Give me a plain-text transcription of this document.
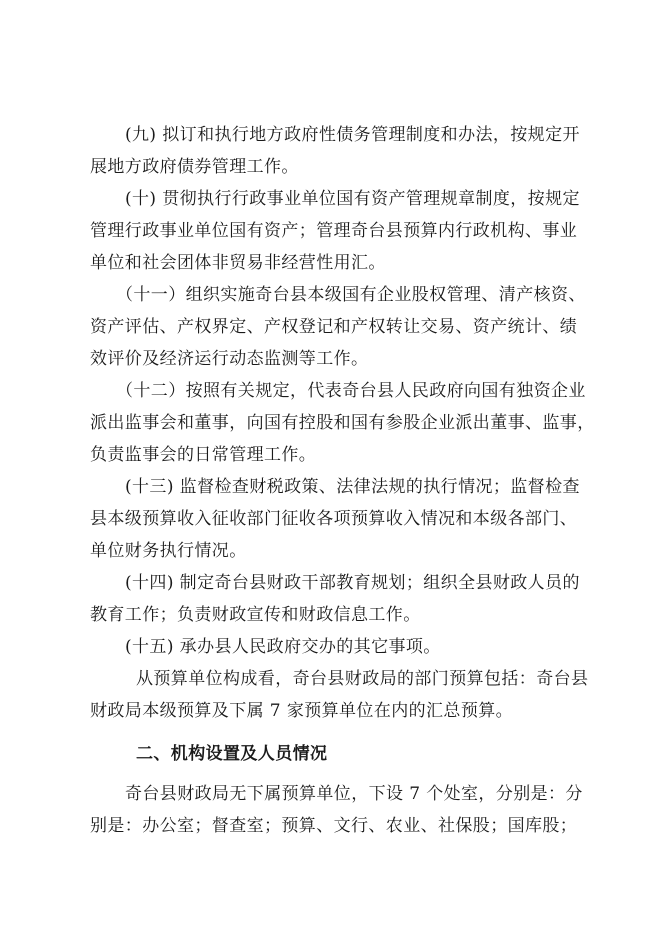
(九) 拟订和执行地方政府性债务管理制度和办法，按规定开
展地方政府债券管理工作。
(十) 贯彻执行行政事业单位国有资产管理规章制度，按规定
管理行政事业单位国有资产；管理奇台县预算内行政机构、事业
单位和社会团体非贸易非经营性用汇。
（十一）组织实施奇台县本级国有企业股权管理、清产核资、
资产评估、产权界定、产权登记和产权转让交易、资产统计、绩
效评价及经济运行动态监测等工作。
（十二）按照有关规定，代表奇台县人民政府向国有独资企业
派出监事会和董事，向国有控股和国有参股企业派出董事、监事，
负责监事会的日常管理工作。
(十三) 监督检查财税政策、法律法规的执行情况；监督检查
县本级预算收入征收部门征收各项预算收入情况和本级各部门、
单位财务执行情况。
(十四) 制定奇台县财政干部教育规划；组织全县财政人员的
教育工作；负责财政宣传和财政信息工作。
(十五) 承办县人民政府交办的其它事项。
从预算单位构成看，奇台县财政局的部门预算包括：奇台县
财政局本级预算及下属 7 家预算单位在内的汇总预算。
二、机构设置及人员情况
奇台县财政局无下属预算单位，下设 7 个处室，分别是：分
别是：办公室；督查室；预算、文行、农业、社保股；国库股；
